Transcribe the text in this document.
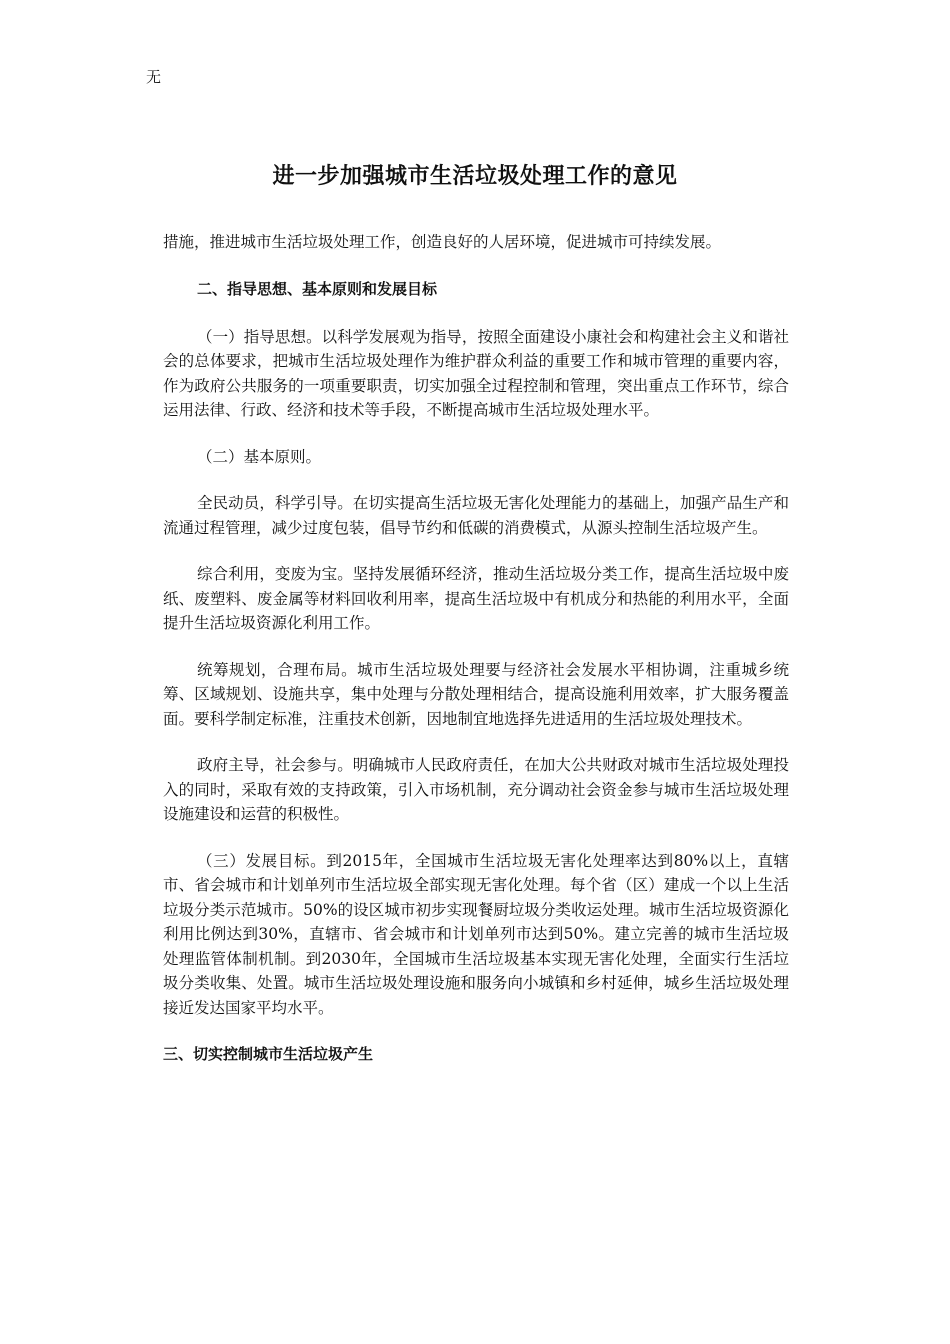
无
进一步加强城市生活垃圾处理工作的意见

措施，推进城市生活垃圾处理工作，创造良好的人居环境，促进城市可持续发展。

二、指导思想、基本原则和发展目标

（一）指导思想。以科学发展观为指导，按照全面建设小康社会和构建社会主义和谐社会的总体要求，把城市生活垃圾处理作为维护群众利益的重要工作和城市管理的重要内容，作为政府公共服务的一项重要职责，切实加强全过程控制和管理，突出重点工作环节，综合运用法律、行政、经济和技术等手段，不断提高城市生活垃圾处理水平。

（二）基本原则。

全民动员，科学引导。在切实提高生活垃圾无害化处理能力的基础上，加强产品生产和流通过程管理，减少过度包装，倡导节约和低碳的消费模式，从源头控制生活垃圾产生。

综合利用，变废为宝。坚持发展循环经济，推动生活垃圾分类工作，提高生活垃圾中废纸、废塑料、废金属等材料回收利用率，提高生活垃圾中有机成分和热能的利用水平，全面提升生活垃圾资源化利用工作。

统筹规划，合理布局。城市生活垃圾处理要与经济社会发展水平相协调，注重城乡统筹、区域规划、设施共享，集中处理与分散处理相结合，提高设施利用效率，扩大服务覆盖面。要科学制定标准，注重技术创新，因地制宜地选择先进适用的生活垃圾处理技术。

政府主导，社会参与。明确城市人民政府责任，在加大公共财政对城市生活垃圾处理投入的同时，采取有效的支持政策，引入市场机制，充分调动社会资金参与城市生活垃圾处理设施建设和运营的积极性。

（三）发展目标。到2015年，全国城市生活垃圾无害化处理率达到80%以上，直辖市、省会城市和计划单列市生活垃圾全部实现无害化处理。每个省（区）建成一个以上生活垃圾分类示范城市。50%的设区城市初步实现餐厨垃圾分类收运处理。城市生活垃圾资源化利用比例达到30%，直辖市、省会城市和计划单列市达到50%。建立完善的城市生活垃圾处理监管体制机制。到2030年，全国城市生活垃圾基本实现无害化处理，全面实行生活垃圾分类收集、处置。城市生活垃圾处理设施和服务向小城镇和乡村延伸，城乡生活垃圾处理接近发达国家平均水平。

三、切实控制城市生活垃圾产生
